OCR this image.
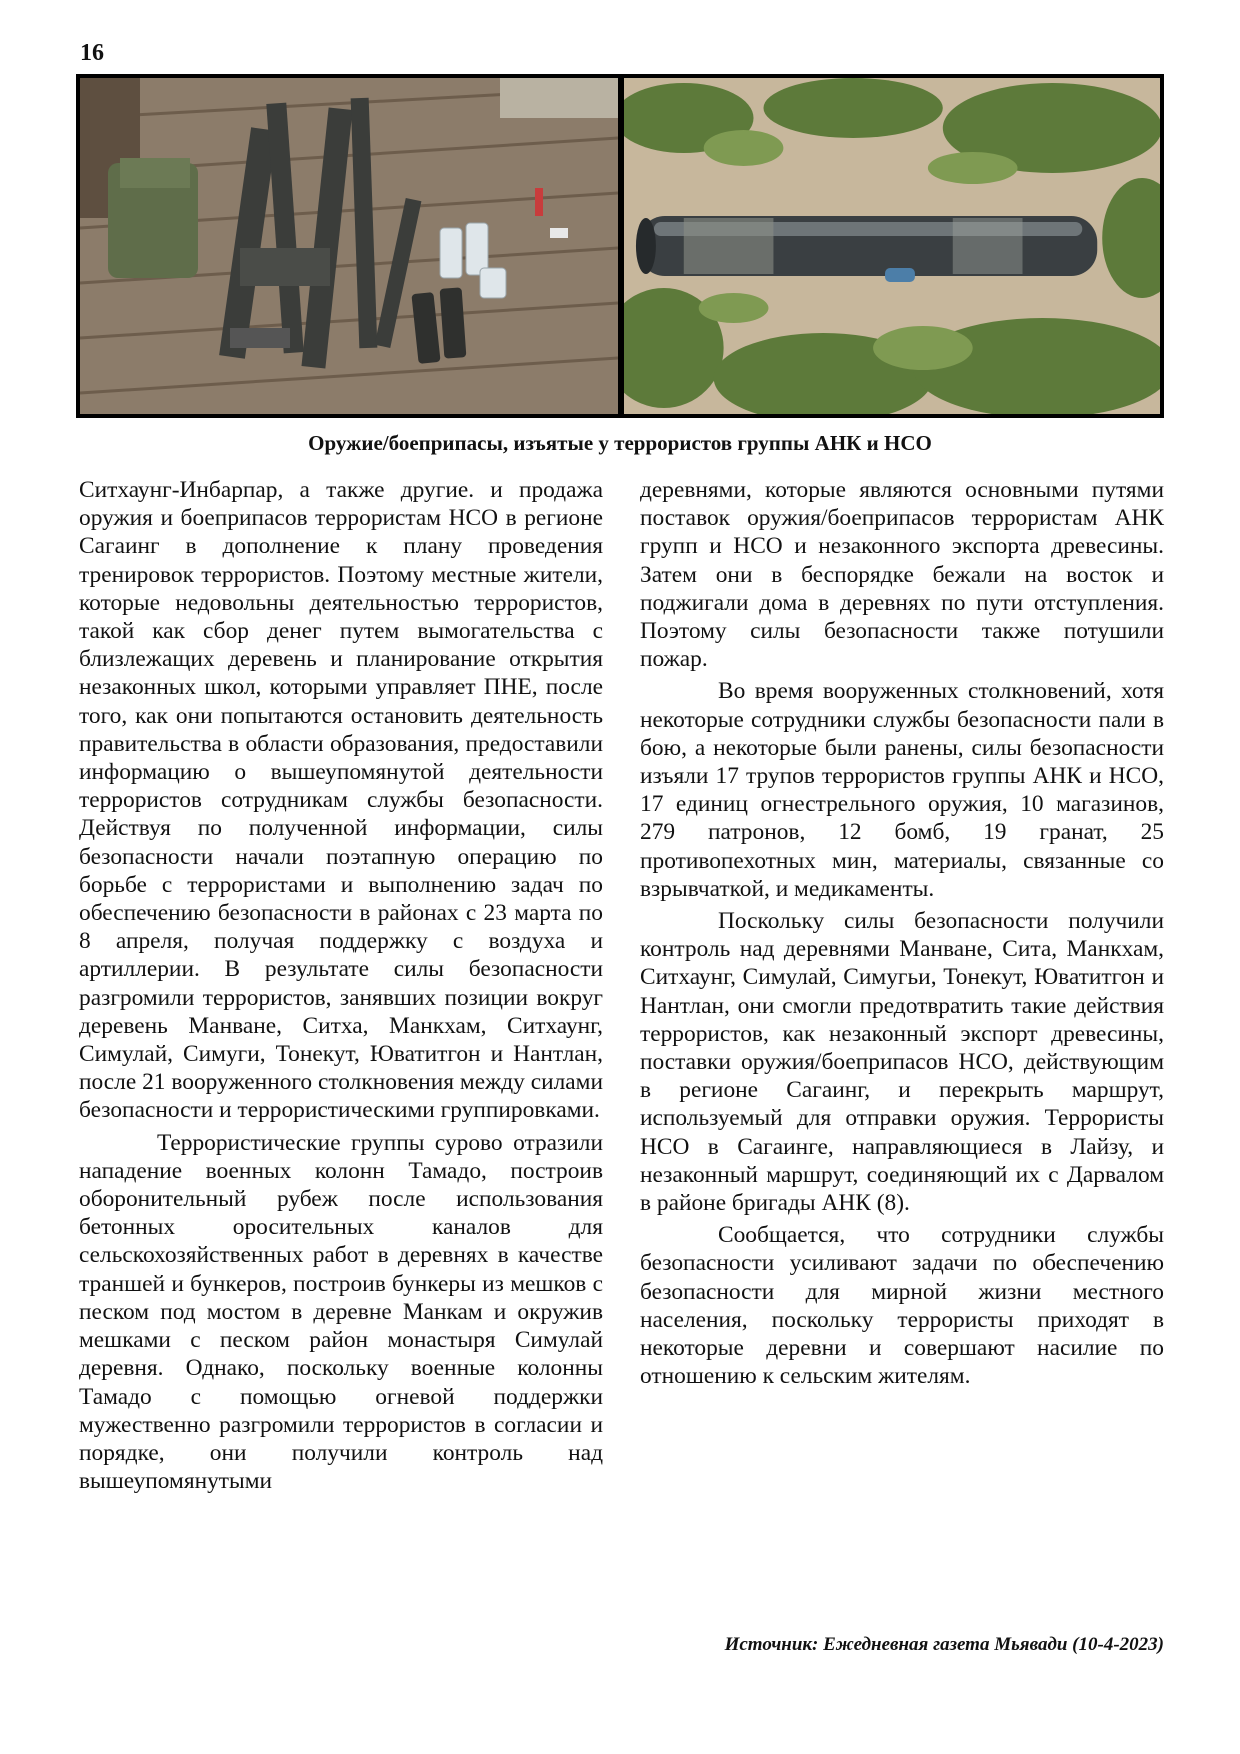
16
Оружие/боеприпасы, изъятые у террористов группы АНК и НСО

Ситхаунг-Инбарпар, а также другие. и продажа оружия и боеприпасов террористам НСО в регионе Сагаинг в дополнение к плану проведения тренировок террористов. Поэтому местные жители, которые недовольны деятельностью террористов, такой как сбор денег путем вымогательства с близлежащих деревень и планирование открытия незаконных школ, которыми управляет ПНЕ, после того, как они попытаются остановить деятельность правительства в области образования, предоставили информацию о вышеупомянутой деятельности террористов сотрудникам службы безопасности. Действуя по полученной информации, силы безопасности начали поэтапную операцию по борьбе с террористами и выполнению задач по обеспечению безопасности в районах с 23 марта по 8 апреля, получая поддержку с воздуха и артиллерии. В результате силы безопасности разгромили террористов, занявших позиции вокруг деревень Манване, Ситха, Манкхам, Ситхаунг, Симулай, Симуги, Тонекут, Юватитгон и Нантлан, после 21 вооруженного столкновения между силами безопасности и террористическими группировками.

Террористические группы сурово отразили нападение военных колонн Тамадо, построив оборонительный рубеж после использования бетонных оросительных каналов для сельскохозяйственных работ в деревнях в качестве траншей и бункеров, построив бункеры из мешков с песком под мостом в деревне Манкам и окружив мешками с песком район монастыря Симулай деревня. Однако, поскольку военные колонны Тамадо с помощью огневой поддержки мужественно разгромили террористов в согласии и порядке, они получили контроль над вышеупомянутыми

деревнями, которые являются основными путями поставок оружия/боеприпасов террористам АНК групп и НСО и незаконного экспорта древесины. Затем они в беспорядке бежали на восток и поджигали дома в деревнях по пути отступления. Поэтому силы безопасности также потушили пожар.

Во время вооруженных столкновений, хотя некоторые сотрудники службы безопасности пали в бою, а некоторые были ранены, силы безопасности изъяли 17 трупов террористов группы АНК и НСО, 17 единиц огнестрельного оружия, 10 магазинов, 279 патронов, 12 бомб, 19 гранат, 25 противопехотных мин, материалы, связанные со взрывчаткой, и медикаменты.

Поскольку силы безопасности получили контроль над деревнями Манване, Сита, Манкхам, Ситхаунг, Симулай, Симугьи, Тонекут, Юватитгон и Нантлан, они смогли предотвратить такие действия террористов, как незаконный экспорт древесины, поставки оружия/боеприпасов НСО, действующим в регионе Сагаинг, и перекрыть маршрут, используемый для отправки оружия. Террористы НСО в Сагаинге, направляющиеся в Лайзу, и незаконный маршрут, соединяющий их с Дарвалом в районе бригады АНК (8).

Сообщается, что сотрудники службы безопасности усиливают задачи по обеспечению безопасности для мирной жизни местного населения, поскольку террористы приходят в некоторые деревни и совершают насилие по отношению к сельским жителям.

Источник: Ежедневная газета Мьявади (10-4-2023)
